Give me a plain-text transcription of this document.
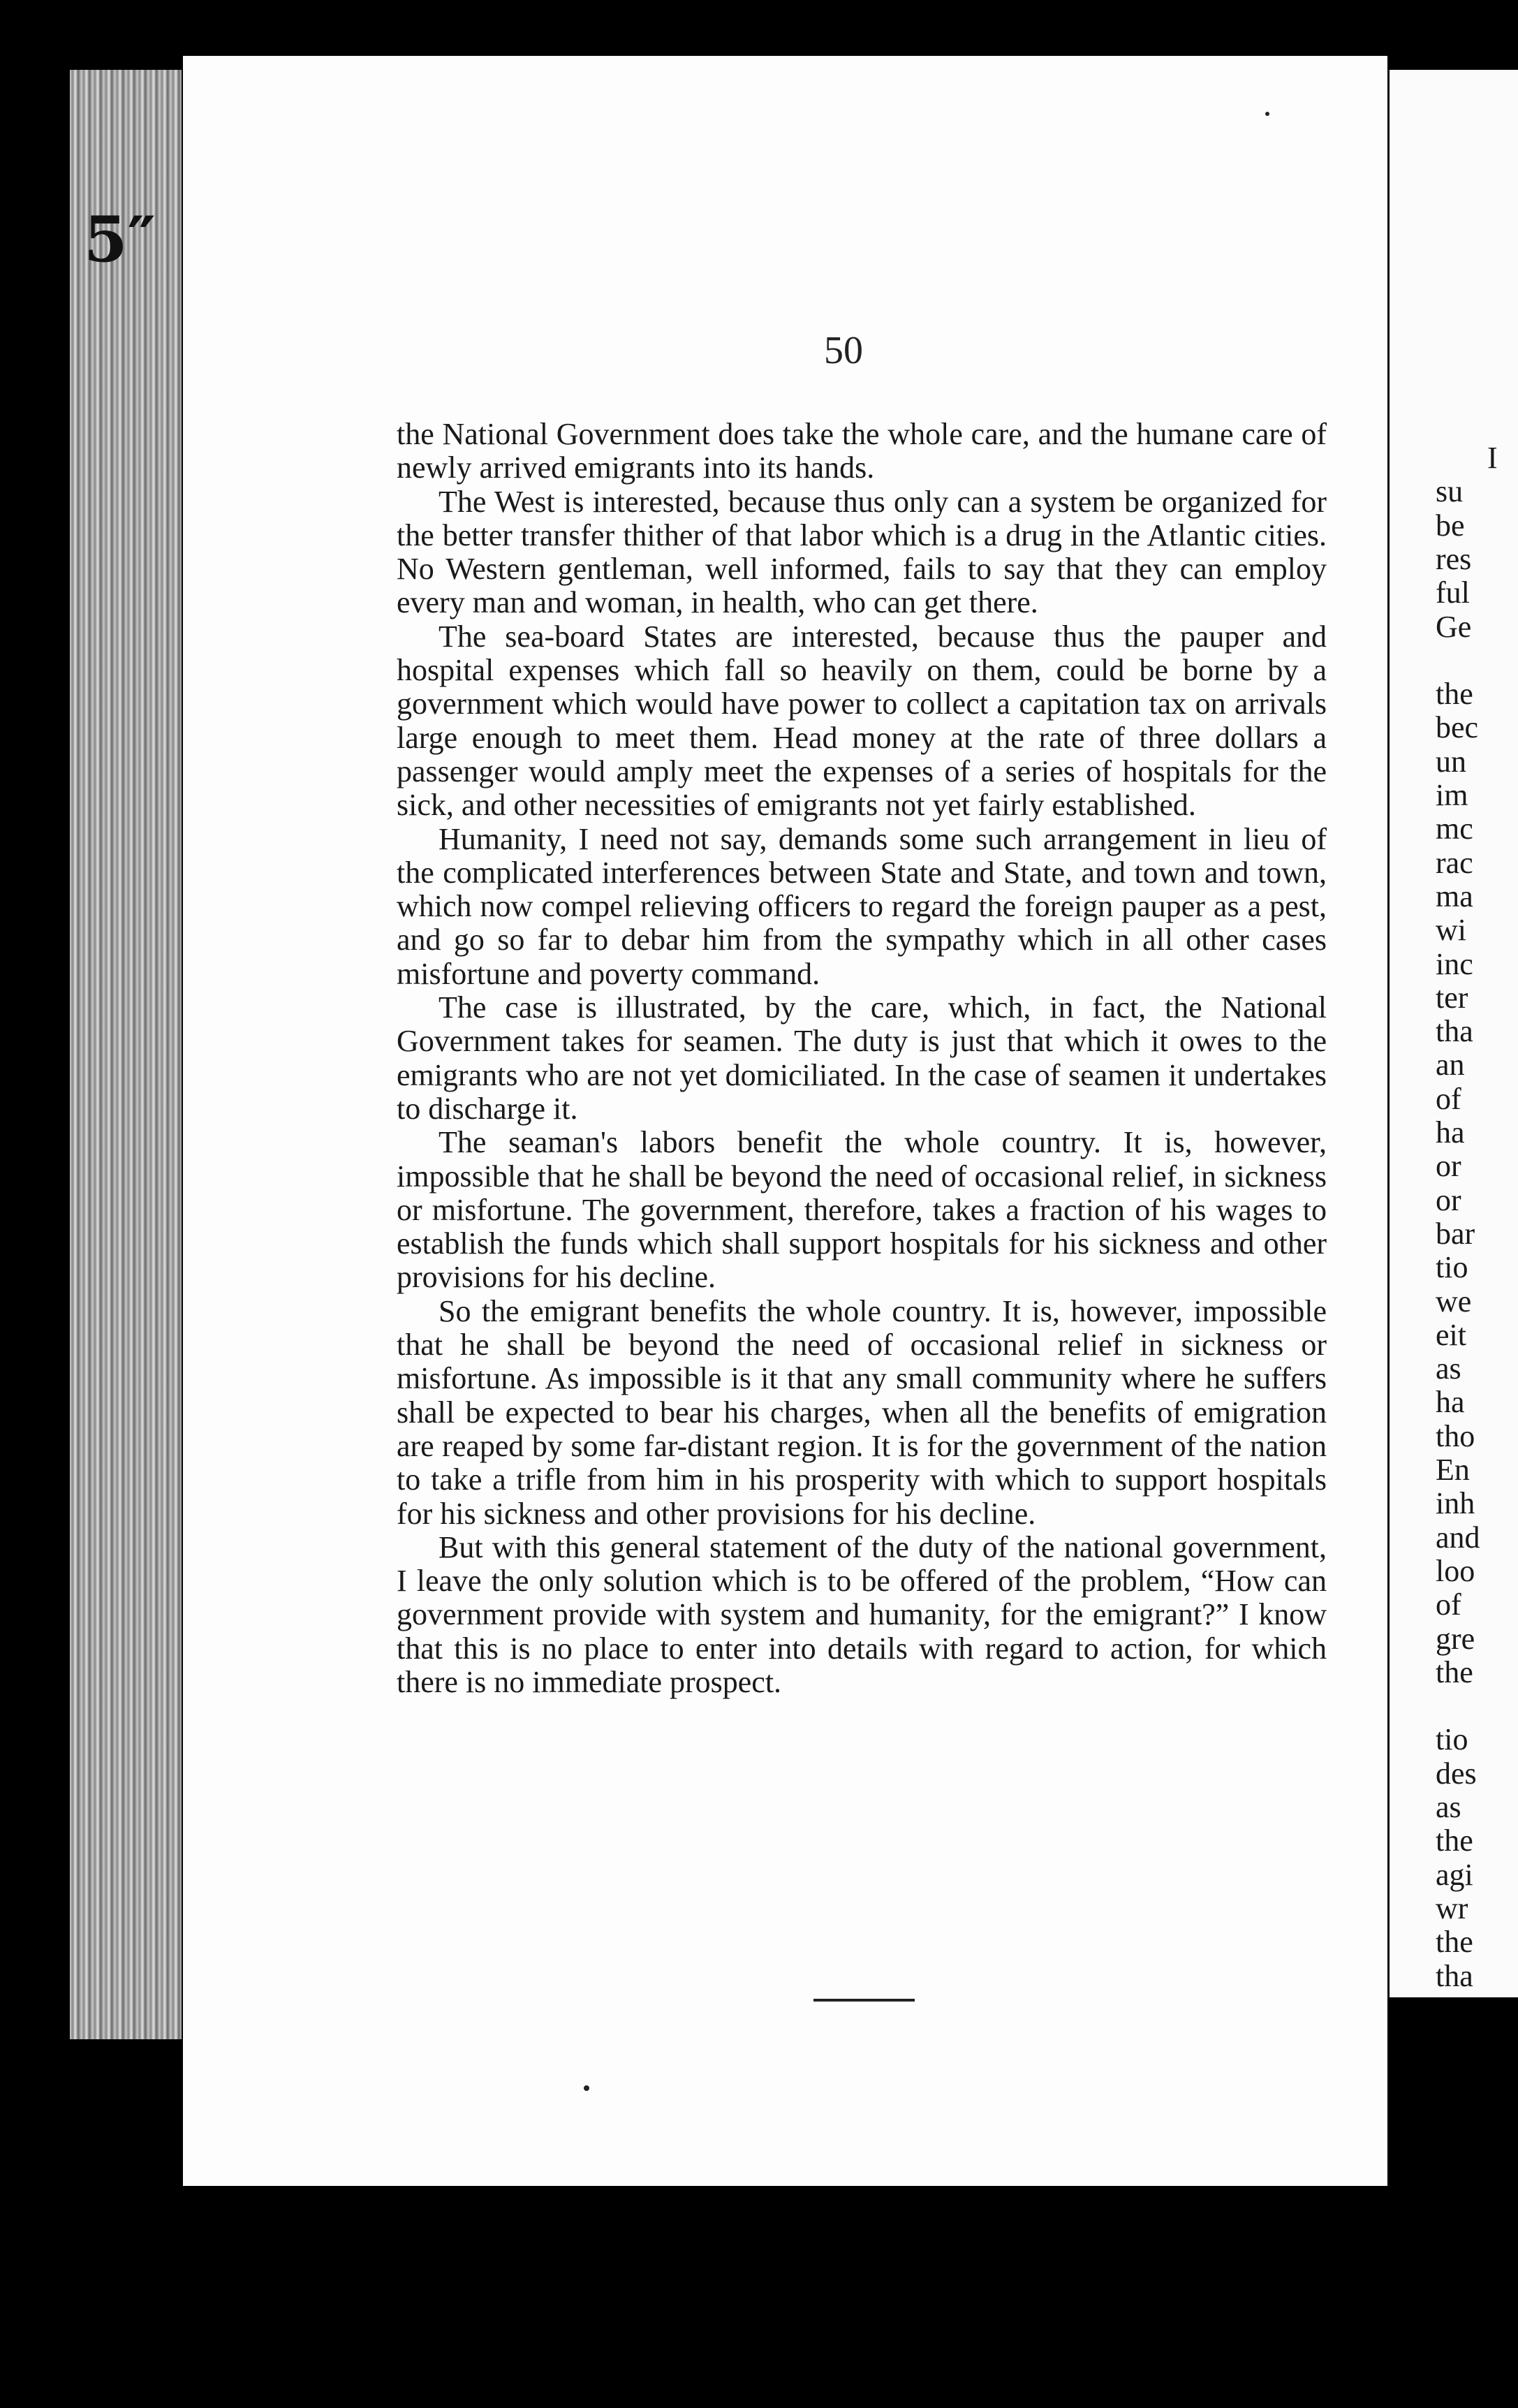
5″
50

the National Government does take the whole care, and the humane care of newly arrived emigrants into its hands.

The West is interested, because thus only can a system be organized for the better transfer thither of that labor which is a drug in the Atlantic cities. No Western gentleman, well informed, fails to say that they can employ every man and woman, in health, who can get there.

The sea-board States are interested, because thus the pauper and hospital expenses which fall so heavily on them, could be borne by a government which would have power to collect a capitation tax on arrivals large enough to meet them. Head money at the rate of three dollars a passenger would amply meet the expenses of a series of hospitals for the sick, and other necessities of emigrants not yet fairly established.

Humanity, I need not say, demands some such arrangement in lieu of the complicated interferences between State and State, and town and town, which now compel relieving officers to regard the foreign pauper as a pest, and go so far to debar him from the sympathy which in all other cases misfortune and poverty command.

The case is illustrated, by the care, which, in fact, the National Government takes for seamen. The duty is just that which it owes to the emigrants who are not yet domiciliated. In the case of seamen it undertakes to discharge it.

The seaman's labors benefit the whole country. It is, however, impossible that he shall be beyond the need of occasional relief, in sickness or misfortune. The government, therefore, takes a fraction of his wages to establish the funds which shall support hospitals for his sickness and other provisions for his decline.

So the emigrant benefits the whole country. It is, however, impossible that he shall be beyond the need of occasional relief in sickness or misfortune. As impossible is it that any small community where he suffers shall be expected to bear his charges, when all the benefits of emigration are reaped by some far-distant region. It is for the government of the nation to take a trifle from him in his prosperity with which to support hospitals for his sickness and other provisions for his decline.

But with this general statement of the duty of the national government, I leave the only solution which is to be offered of the problem, “How can government provide with system and humanity, for the emigrant?” I know that this is no place to enter into details with regard to action, for which there is no immediate prospect.

I
su
be
res
ful
Ge
the
bec
un
im
mc
rac
ma
wi
inc
ter
tha
an
of
ha
or
or
bar
tio
we
eit
as
ha
tho
En
inh
and
loo
of
gre
the
tio
des
as
the
agi
wr
the
tha
